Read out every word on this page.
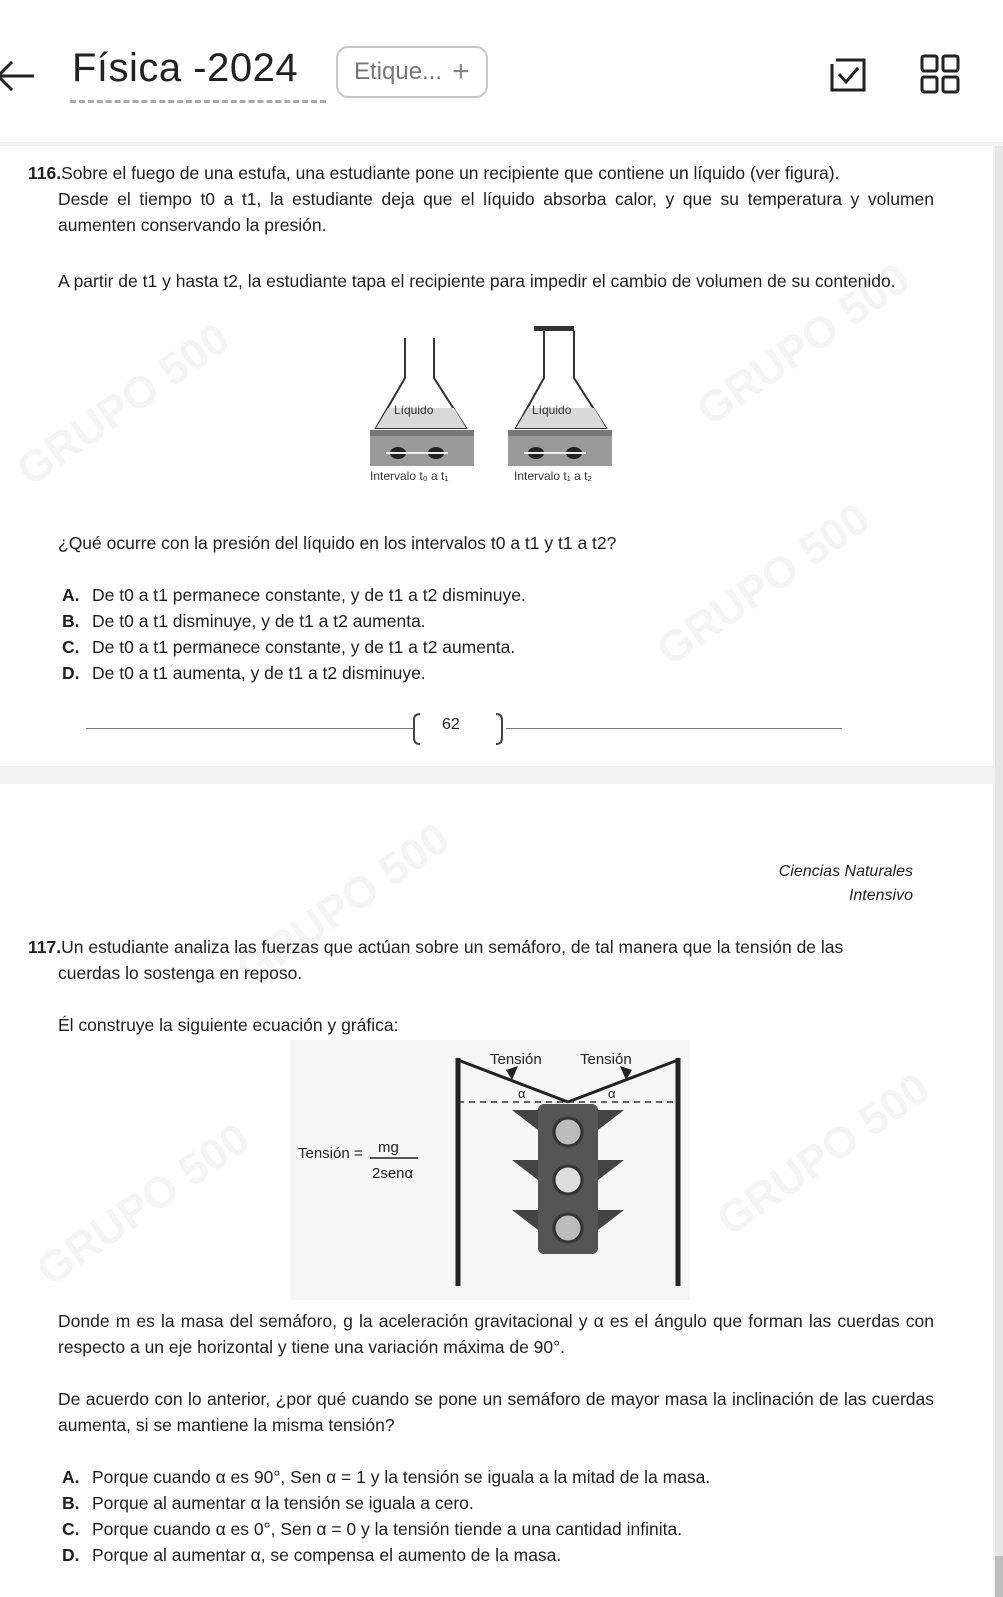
Física -2024 Etique... +
116.Sobre el fuego de una estufa, una estudiante pone un recipiente que contiene un líquido (ver figura).
Desde el tiempo t0 a t1, la estudiante deja que el líquido absorba calor, y que su temperatura y volumen aumenten conservando la presión.
A partir de t1 y hasta t2, la estudiante tapa el recipiente para impedir el cambio de volumen de su contenido.
Líquido
Intervalo t₀ a t₁
Líquido
Intervalo t₁ a t₂
¿Qué ocurre con la presión del líquido en los intervalos t0 a t1 y t1 a t2?
A. De t0 a t1 permanece constante, y de t1 a t2 disminuye.
B. De t0 a t1 disminuye, y de t1 a t2 aumenta.
C. De t0 a t1 permanece constante, y de t1 a t2 aumenta.
D. De t0 a t1 aumenta, y de t1 a t2 disminuye.
62
Ciencias Naturales
Intensivo
117.Un estudiante analiza las fuerzas que actúan sobre un semáforo, de tal manera que la tensión de las
cuerdas lo sostenga en reposo.
Él construye la siguiente ecuación y gráfica:
Tensión = mg
2senα
Tensión	Tensión
α	α
Donde m es la masa del semáforo, g la aceleración gravitacional y α es el ángulo que forman las cuerdas con respecto a un eje horizontal y tiene una variación máxima de 90°.
De acuerdo con lo anterior, ¿por qué cuando se pone un semáforo de mayor masa la inclinación de las cuerdas aumenta, si se mantiene la misma tensión?
A. Porque cuando α es 90°, Sen α = 1 y la tensión se iguala a la mitad de la masa.
B. Porque al aumentar α la tensión se iguala a cero.
C. Porque cuando α es 0°, Sen α = 0 y la tensión tiende a una cantidad infinita.
D. Porque al aumentar α, se compensa el aumento de la masa.
